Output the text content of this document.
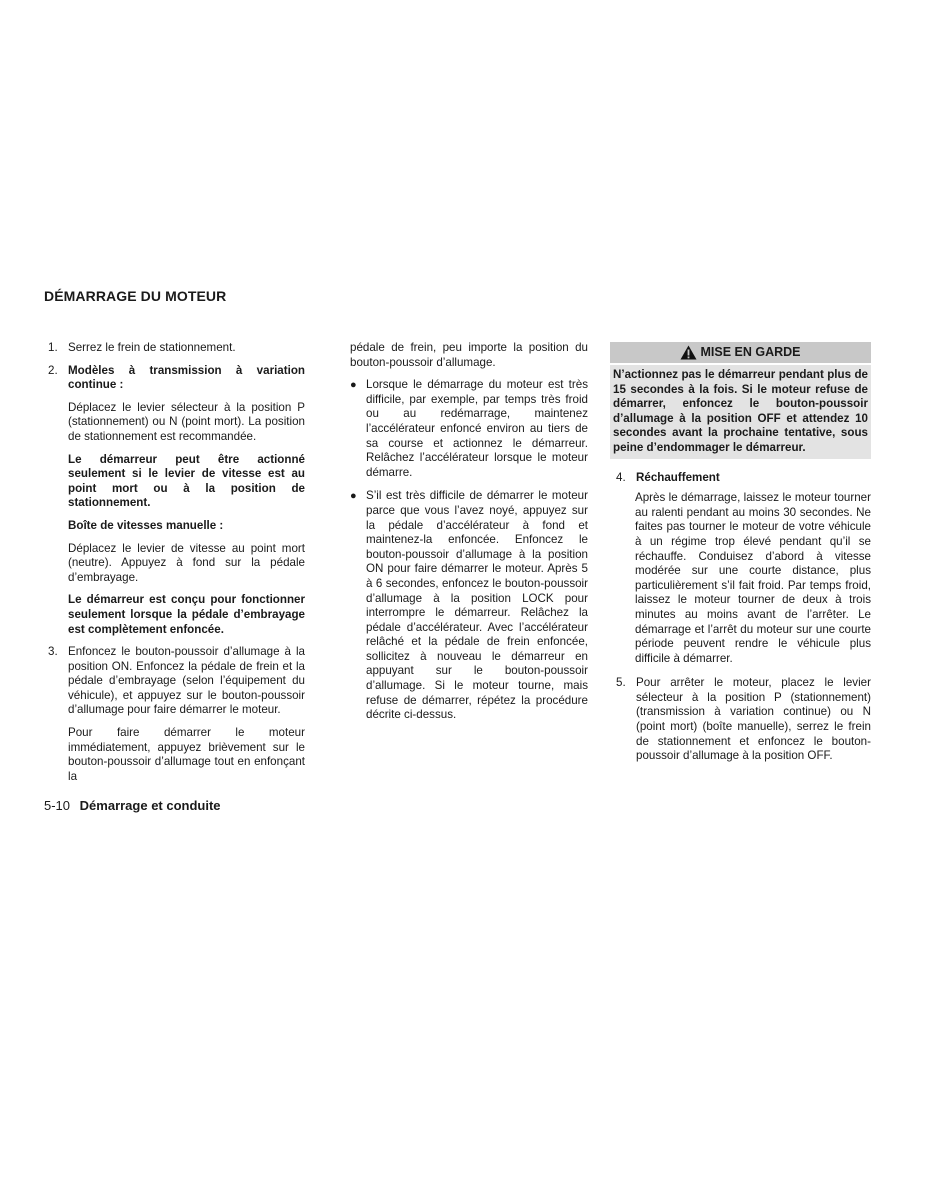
DÉMARRAGE DU MOTEUR
1. Serrez le frein de stationnement.
2. Modèles à transmission à variation continue :

Déplacez le levier sélecteur à la position P (stationnement) ou N (point mort). La position de stationnement est recommandée.

Le démarreur peut être actionné seulement si le levier de vitesse est au point mort ou à la position de stationnement.

Boîte de vitesses manuelle :

Déplacez le levier de vitesse au point mort (neutre). Appuyez à fond sur la pédale d’embrayage.

Le démarreur est conçu pour fonctionner seulement lorsque la pédale d’embrayage est complètement enfoncée.

3. Enfoncez le bouton-poussoir d’allumage à la position ON. Enfoncez la pédale de frein et la pédale d’embrayage (selon l’équipement du véhicule), et appuyez sur le bouton-poussoir d’allumage pour faire démarrer le moteur.

Pour faire démarrer le moteur immédiatement, appuyez brièvement sur le bouton-poussoir d’allumage tout en enfonçant la

pédale de frein, peu importe la position du bouton-poussoir d’allumage.

● Lorsque le démarrage du moteur est très difficile, par exemple, par temps très froid ou au redémarrage, maintenez l’accélérateur enfoncé environ au tiers de sa course et actionnez le démarreur. Relâchez l’accélérateur lorsque le moteur démarre.
● S’il est très difficile de démarrer le moteur parce que vous l’avez noyé, appuyez sur la pédale d’accélérateur à fond et maintenez-la enfoncée. Enfoncez le bouton-poussoir d’allumage à la position ON pour faire démarrer le moteur. Après 5 à 6 secondes, enfoncez le bouton-poussoir d’allumage à la position LOCK pour interrompre le démarreur. Relâchez la pédale d’accélérateur. Avec l’accélérateur relâché et la pédale de frein enfoncée, sollicitez à nouveau le démarreur en appuyant sur le bouton-poussoir d’allumage. Si le moteur tourne, mais refuse de démarrer, répétez la procédure décrite ci-dessus.
MISE EN GARDE
N’actionnez pas le démarreur pendant plus de 15 secondes à la fois. Si le moteur refuse de démarrer, enfoncez le bouton-poussoir d’allumage à la position OFF et attendez 10 secondes avant la prochaine tentative, sous peine d’endommager le démarreur.
4. Réchauffement

Après le démarrage, laissez le moteur tourner au ralenti pendant au moins 30 secondes. Ne faites pas tourner le moteur de votre véhicule à un régime trop élevé pendant qu’il se réchauffe. Conduisez d’abord à vitesse modérée sur une courte distance, plus particulièrement s’il fait froid. Par temps froid, laissez le moteur tourner de deux à trois minutes au moins avant de l’arrêter. Le démarrage et l’arrêt du moteur sur une courte période peuvent rendre le véhicule plus difficile à démarrer.

5. Pour arrêter le moteur, placez le levier sélecteur à la position P (stationnement) (transmission à variation continue) ou N (point mort) (boîte manuelle), serrez le frein de stationnement et enfoncez le bouton-poussoir d’allumage à la position OFF.
5-10 Démarrage et conduite
